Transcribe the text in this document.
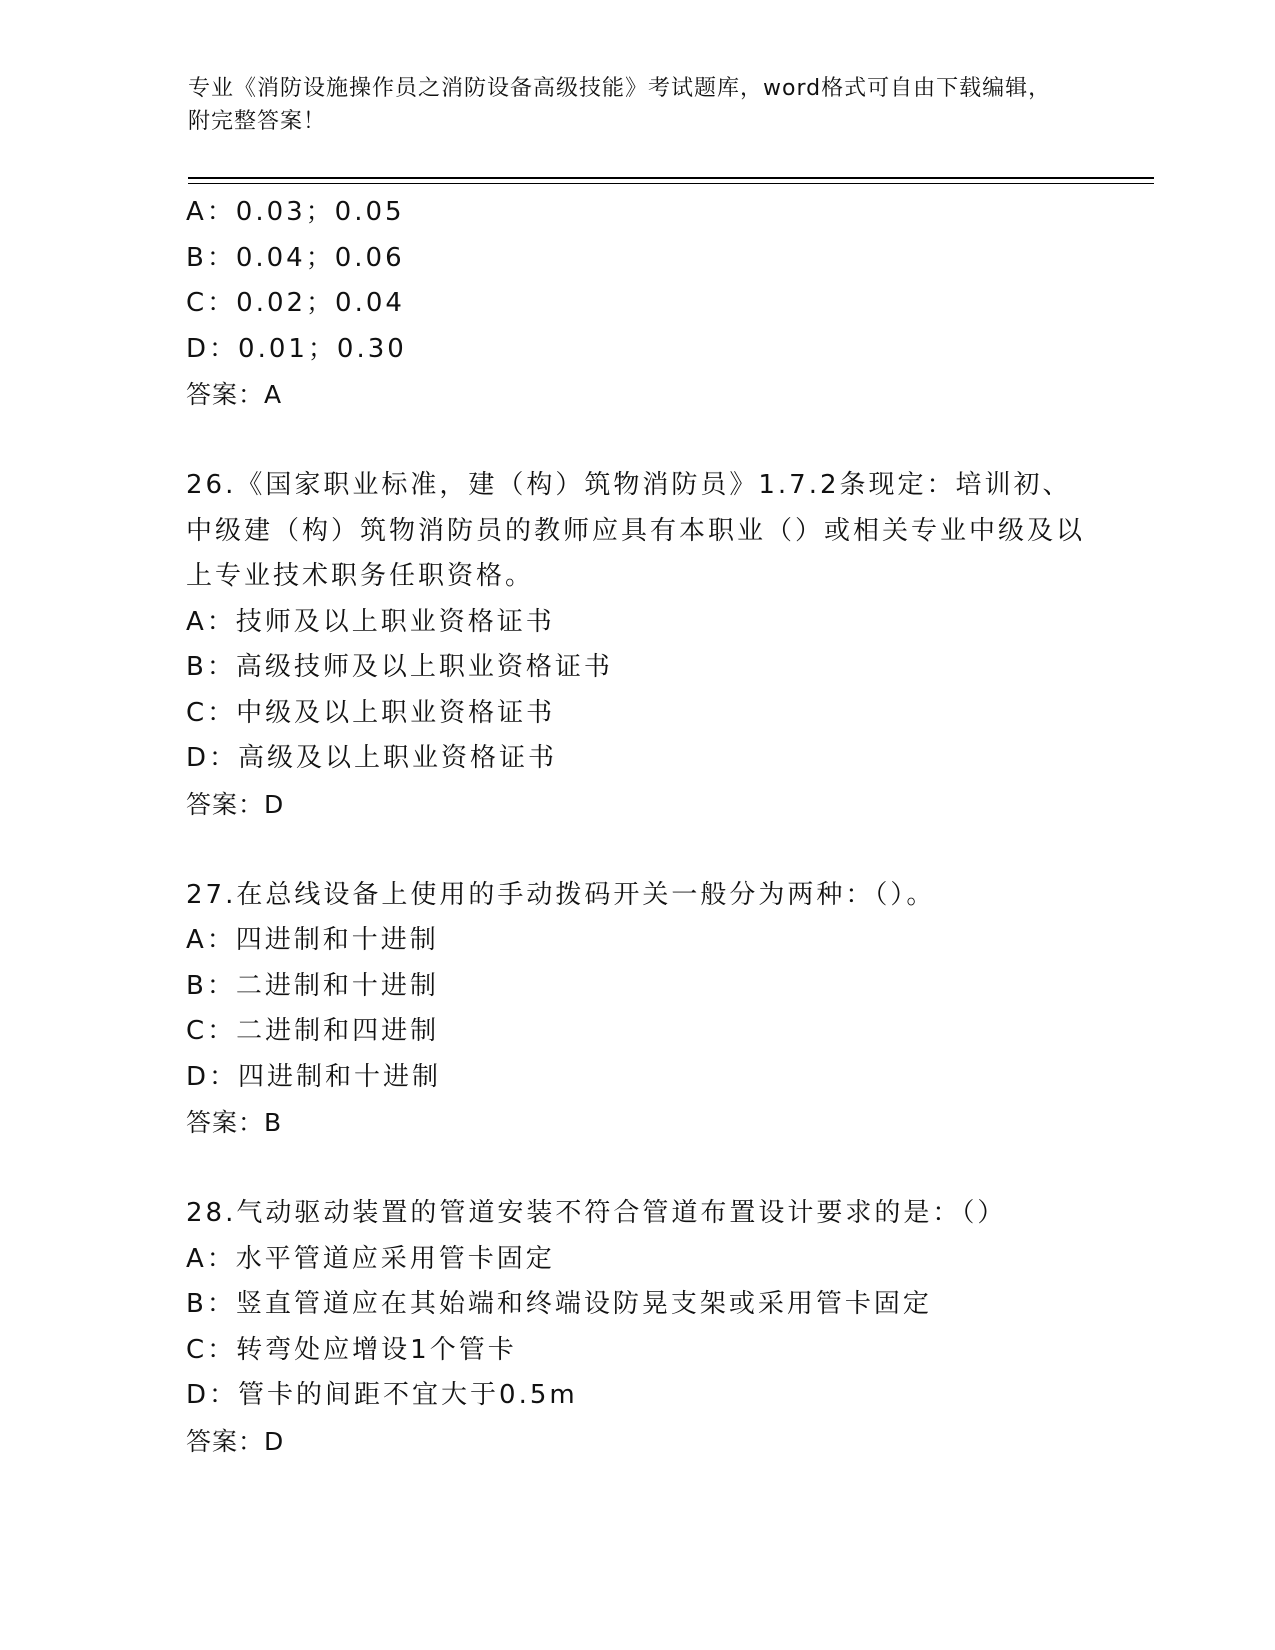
专业《消防设施操作员之消防设备高级技能》考试题库，word格式可自由下载编辑，附完整答案！
A：0.03；0.05
B：0.04；0.06
C：0.02；0.04
D：0.01；0.30
答案：A
26.《国家职业标准，建（构）筑物消防员》1.7.2条现定：培训初、中级建（构）筑物消防员的教师应具有本职业（）或相关专业中级及以上专业技术职务任职资格。
A：技师及以上职业资格证书
B：高级技师及以上职业资格证书
C：中级及以上职业资格证书
D：高级及以上职业资格证书
答案：D
27.在总线设备上使用的手动拨码开关一般分为两种：（）。
A：四进制和十进制
B：二进制和十进制
C：二进制和四进制
D：四进制和十进制
答案：B
28.气动驱动装置的管道安装不符合管道布置设计要求的是：（）
A：水平管道应采用管卡固定
B：竖直管道应在其始端和终端设防晃支架或采用管卡固定
C：转弯处应增设1个管卡
D：管卡的间距不宜大于0.5m
答案：D
